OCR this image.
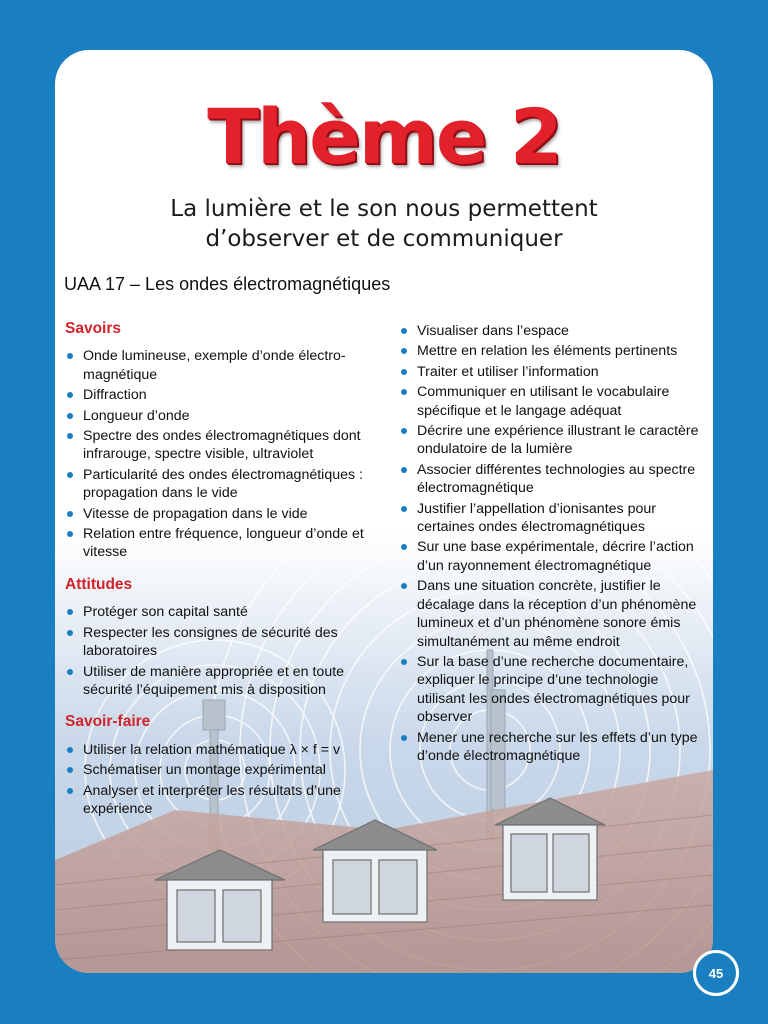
Thème 2
La lumière et le son nous permettent
d’observer et de communiquer
UAA 17 – Les ondes électromagnétiques
Savoirs
Onde lumineuse, exemple d’onde électro-magnétique
Diffraction
Longueur d’onde
Spectre des ondes électromagnétiques dont infrarouge, spectre visible, ultraviolet
Particularité des ondes électromagnétiques : propagation dans le vide
Vitesse de propagation dans le vide
Relation entre fréquence, longueur d’onde et vitesse
Attitudes
Protéger son capital santé
Respecter les consignes de sécurité des laboratoires
Utiliser de manière appropriée et en toute sécurité l’équipement mis à disposition
Savoir-faire
Utiliser la relation mathématique λ × f = v
Schématiser un montage expérimental
Analyser et interpréter les résultats d’une expérience
Visualiser dans l’espace
Mettre en relation les éléments pertinents
Traiter et utiliser l’information
Communiquer en utilisant le vocabulaire spécifique et le langage adéquat
Décrire une expérience illustrant le caractère ondulatoire de la lumière
Associer différentes technologies au spectre électromagnétique
Justifier l’appellation d’ionisantes pour certaines ondes électromagnétiques
Sur une base expérimentale, décrire l’action d’un rayonnement électromagnétique
Dans une situation concrète, justifier le décalage dans la réception d’un phénomène lumineux et d’un phénomène sonore émis simultanément au même endroit
Sur la base d’une recherche documentaire, expliquer le principe d’une technologie utilisant les ondes électromagnétiques pour observer
Mener une recherche sur les effets d’un type d’onde électromagnétique
45
